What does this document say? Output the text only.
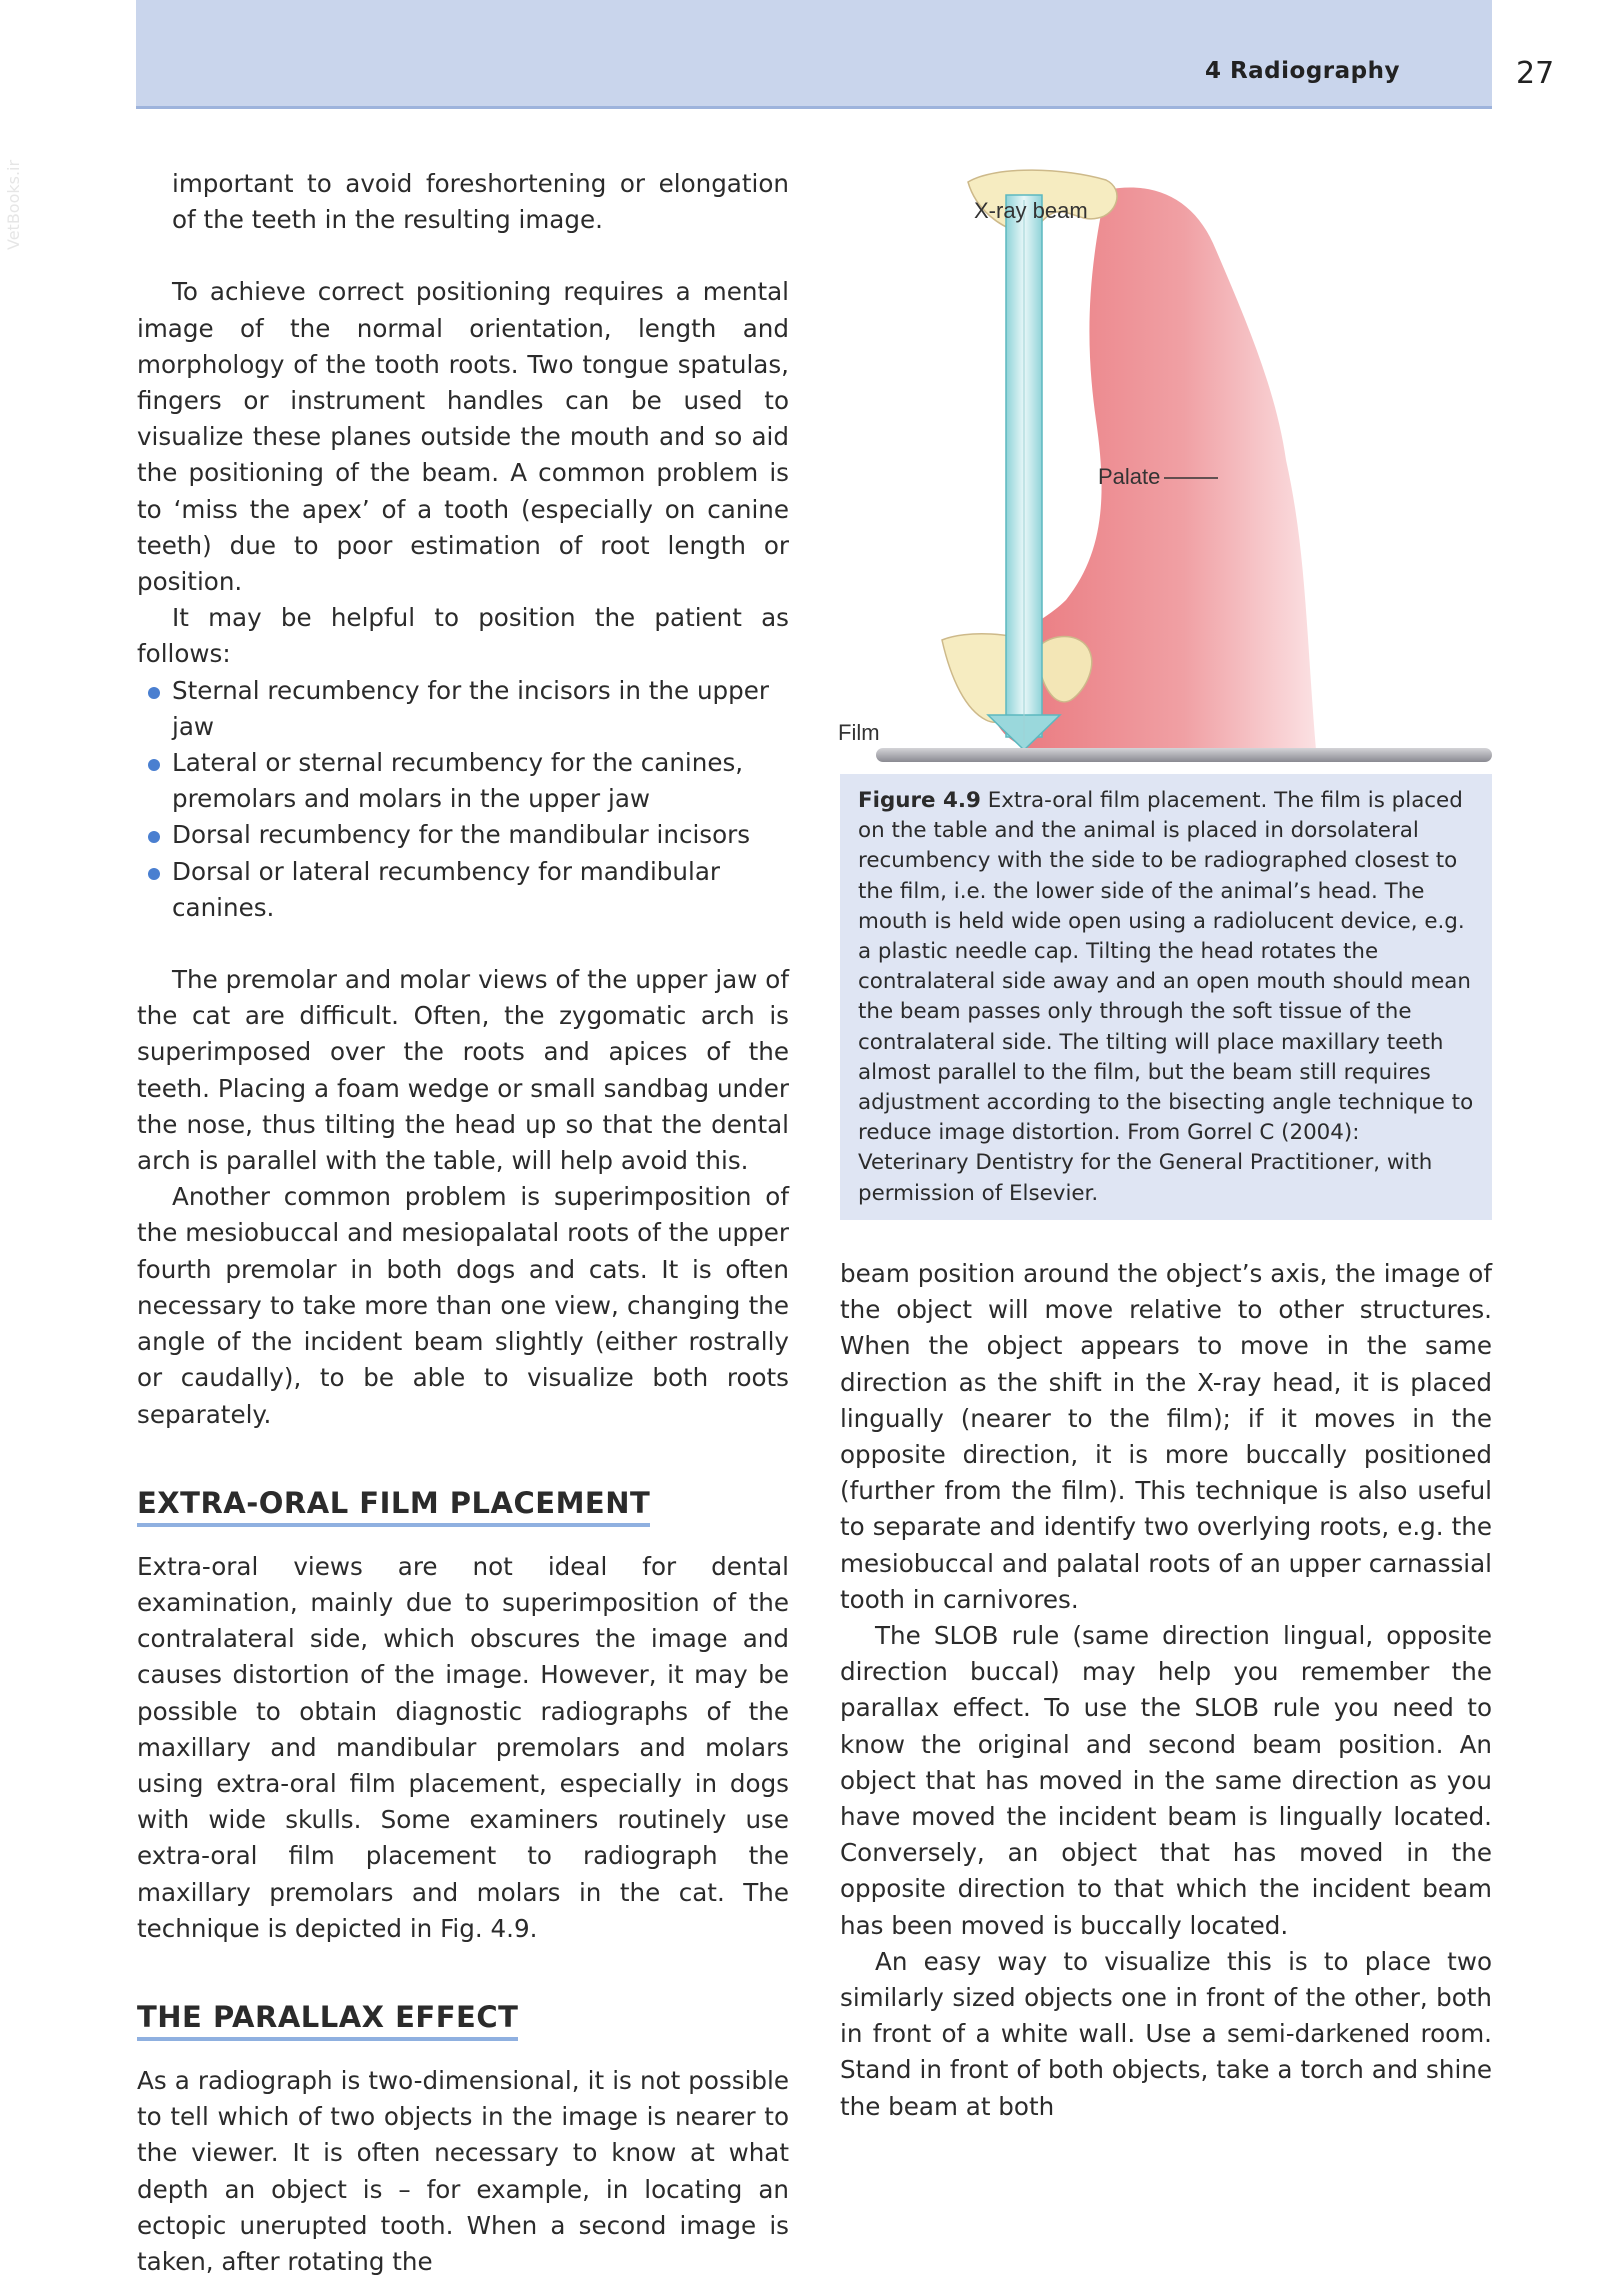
4 Radiography	27
VetBooks.ir	important to avoid foreshortening or elongation of the teeth in the resulting image.

To achieve correct positioning requires a mental image of the normal orientation, length and morphology of the tooth roots. Two tongue spatulas, fingers or instrument handles can be used to visualize these planes outside the mouth and so aid the positioning of the beam. A common problem is to ‘miss the apex’ of a tooth (especially on canine teeth) due to poor estimation of root length or position.

It may be helpful to position the patient as follows:

Sternal recumbency for the incisors in the upper jaw
Lateral or sternal recumbency for the canines, premolars and molars in the upper jaw
Dorsal recumbency for the mandibular incisors
Dorsal or lateral recumbency for mandibular canines.

The premolar and molar views of the upper jaw of the cat are difficult. Often, the zygomatic arch is superimposed over the roots and apices of the teeth. Placing a foam wedge or small sandbag under the nose, thus tilting the head up so that the dental arch is parallel with the table, will help avoid this.

Another common problem is superimposition of the mesiobuccal and mesiopalatal roots of the upper fourth premolar in both dogs and cats. It is often necessary to take more than one view, changing the angle of the incident beam slightly (either rostrally or caudally), to be able to visualize both roots separately.

EXTRA-ORAL FILM PLACEMENT

Extra-oral views are not ideal for dental examination, mainly due to superimposition of the contralateral side, which obscures the image and causes distortion of the image. However, it may be possible to obtain diagnostic radiographs of the maxillary and mandibular premolars and molars using extra-oral film placement, especially in dogs with wide skulls. Some examiners routinely use extra-oral film placement to radiograph the maxillary premolars and molars in the cat. The technique is depicted in Fig. 4.9.

THE PARALLAX EFFECT

As a radiograph is two-dimensional, it is not possible to tell which of two objects in the image is nearer to the viewer. It is often necessary to know at what depth an object is – for example, in locating an ectopic unerupted tooth. When a second image is taken, after rotating the

X-ray beam
Palate
Film
Figure 4.9 Extra-oral film placement. The film is placed on the table and the animal is placed in dorsolateral recumbency with the side to be radiographed closest to the film, i.e. the lower side of the animal’s head. The mouth is held wide open using a radiolucent device, e.g. a plastic needle cap. Tilting the head rotates the contralateral side away and an open mouth should mean the beam passes only through the soft tissue of the contralateral side. The tilting will place maxillary teeth almost parallel to the film, but the beam still requires adjustment according to the bisecting angle technique to reduce image distortion. From Gorrel C (2004): Veterinary Dentistry for the General Practitioner, with permission of Elsevier.

beam position around the object’s axis, the image of the object will move relative to other structures. When the object appears to move in the same direction as the shift in the X-ray head, it is placed lingually (nearer to the film); if it moves in the opposite direction, it is more buccally positioned (further from the film). This technique is also useful to separate and identify two overlying roots, e.g. the mesiobuccal and palatal roots of an upper carnassial tooth in carnivores.

The SLOB rule (same direction lingual, opposite direction buccal) may help you remember the parallax effect. To use the SLOB rule you need to know the original and second beam position. An object that has moved in the same direction as you have moved the incident beam is lingually located. Conversely, an object that has moved in the opposite direction to that which the incident beam has been moved is buccally located.

An easy way to visualize this is to place two similarly sized objects one in front of the other, both in front of a white wall. Use a semi-darkened room. Stand in front of both objects, take a torch and shine the beam at both
